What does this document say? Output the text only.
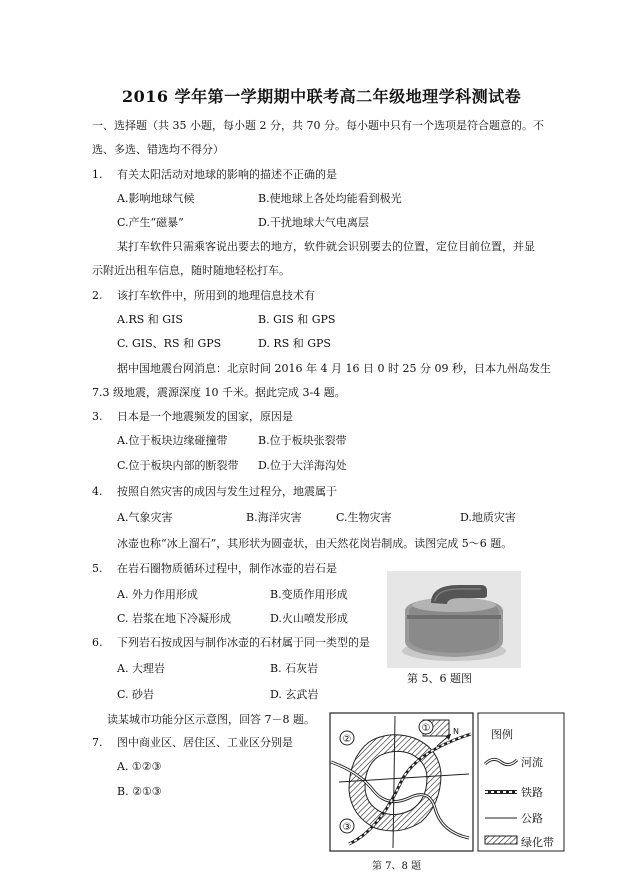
2016 学年第一学期期中联考高二年级地理学科测试卷
一、选择题（共 35 小题，每小题 2 分，共 70 分。每小题中只有一个选项是符合题意的。不
选、多选、错选均不得分）
1.　 有关太阳活动对地球的影响的描述不正确的是
A.影响地球气候	B.使地球上各处均能看到极光
C.产生“磁暴”	D.干扰地球大气电离层
某打车软件只需乘客说出要去的地方，软件就会识别要去的位置，定位目前位置，并显
示附近出租车信息，随时随地轻松打车。
2.　 该打车软件中，所用到的地理信息技术有
A.RS 和 GIS	B. GIS 和 GPS
C. GIS、RS 和 GPS	D. RS 和 GPS
据中国地震台网消息：北京时间 2016 年 4 月 16 日 0 时 25 分 09 秒，日本九州岛发生
7.3 级地震，震源深度 10 千米。据此完成 3-4 题。
3.　 日本是一个地震频发的国家，原因是
A.位于板块边缘碰撞带	B.位于板块张裂带
C.位于板块内部的断裂带 D.位于大洋海沟处
4.　 按照自然灾害的成因与发生过程分，地震属于
A.气象灾害	B.海洋灾害	C.生物灾害	D.地质灾害
冰壶也称“冰上溜石”，其形状为圆壶状，由天然花岗岩制成。读图完成 5～6 题。
5.　 在岩石圈物质循环过程中，制作冰壶的岩石是
A. 外力作用形成	B.变质作用形成
C. 岩浆在地下冷凝形成	D.火山喷发形成
6.　 下列岩石按成因与制作冰壶的石材属于同一类型的是
A. 大理岩	B. 石灰岩
C. 砂岩	D. 玄武岩
第 5、6 题图
读某城市功能分区示意图，回答 7－8 题。
7.　 图中商业区、居住区、工业区分别是
A. ①②③
B. ②①③
②
①
③
N	图例
河流
铁路
公路
绿化带
第 7、8 题
